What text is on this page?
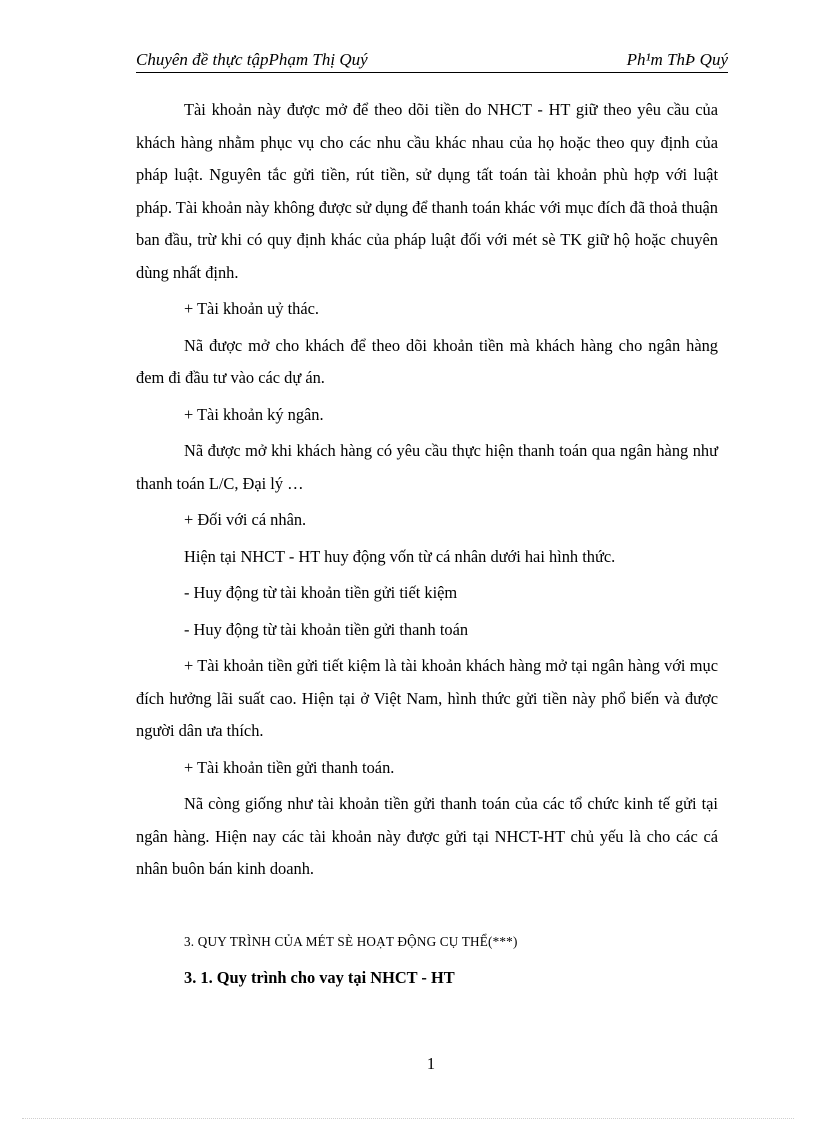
Chuyên đề thực tậpPhạm Thị Quý	Ph¹m ThÞ Quý

Tài khoản này được mở để theo dõi tiền do NHCT - HT giữ theo yêu cầu của khách hàng nhằm phục vụ cho các nhu cầu khác nhau của họ hoặc theo quy định của pháp luật. Nguyên tắc gửi tiền, rút tiền, sử dụng tất toán tài khoản phù hợp với luật pháp. Tài khoản này không được sử dụng để thanh toán khác với mục đích đã thoả thuận ban đầu, trừ khi có quy định khác của pháp luật đối với mét sè TK giữ hộ hoặc chuyên dùng nhất định.

+ Tài khoản uỷ thác.

Nã được mở cho khách để theo dõi khoản tiền mà khách hàng cho ngân hàng đem đi đầu tư vào các dự án.

+ Tài khoản ký ngân.

Nã được mở khi khách hàng có yêu cầu thực hiện thanh toán qua ngân hàng như thanh toán L/C, Đại lý …

+ Đối với cá nhân.

Hiện tại NHCT - HT huy động vốn từ cá nhân dưới hai hình thức.

- Huy động từ tài khoản tiền gửi tiết kiệm

- Huy động từ tài khoản tiền gửi thanh toán

+ Tài khoản tiền gửi tiết kiệm là tài khoản khách hàng mở tại ngân hàng với mục đích hưởng lãi suất cao. Hiện tại ở Việt Nam, hình thức gửi tiền này phổ biến và được người dân ưa thích.

+ Tài khoản tiền gửi thanh toán.

Nã còng giống như tài khoản tiền gửi thanh toán của các tổ chức kinh tế gửi tại ngân hàng. Hiện nay các tài khoản này được gửi tại NHCT-HT chủ yếu là cho các cá nhân buôn bán kinh doanh.

3. QUY TRÌNH CỦA MÉT SÈ HOẠT ĐỘNG CỤ THỂ(***)

3. 1. Quy trình cho vay tại NHCT - HT

1
